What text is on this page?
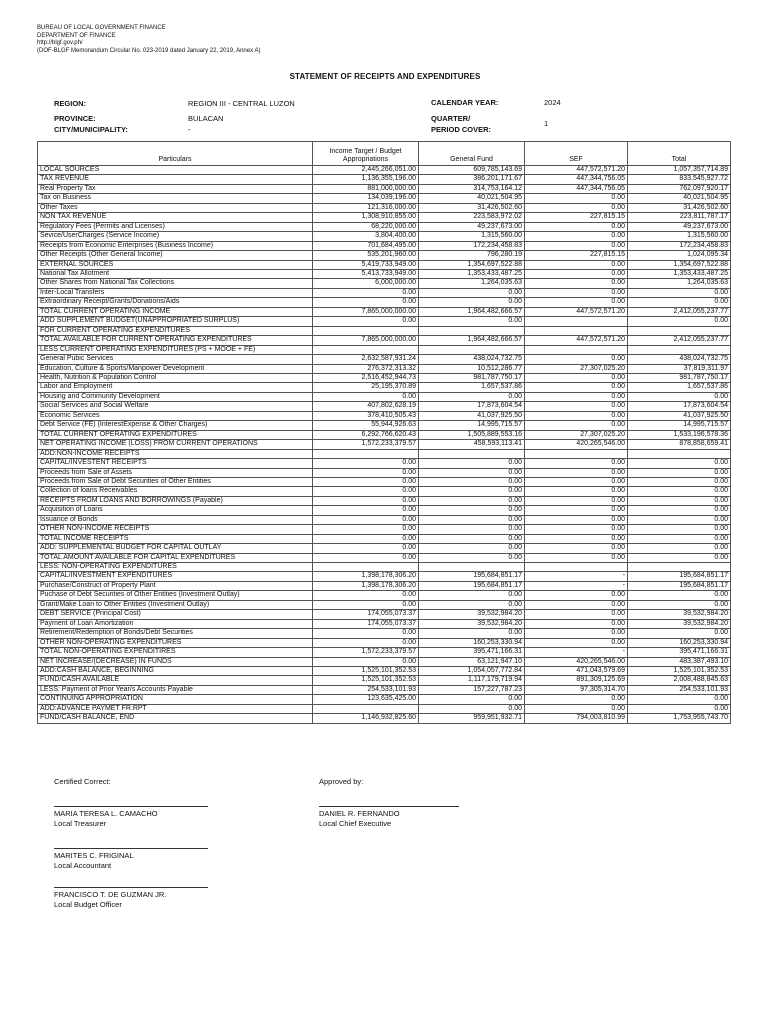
BUREAU OF LOCAL GOVERNMENT FINANCE
DEPARTMENT OF FINANCE
http://blgf.gov.ph/
(DOF-BLGF Memorandum Circular No. 023-2019 dated January 22, 2019, Annex A)
STATEMENT OF RECEIPTS AND EXPENDITURES
REGION:	REGION III - CENTRAL LUZON
PROVINCE:	BULACAN
CITY/MUNICIPALITY:	-
CALENDAR YEAR:	2024
QUARTER/
PERIOD COVER:
1
Particulars	Income Target / Budget Appropriations	General Fund	SEF	Total
LOCAL SOURCES	2,445,266,051.00	609,785,143.69	447,572,571.20	1,057,357,714.89
TAX REVENUE	1,136,355,196.00	386,201,171.67	447,344,756.05	833,545,927.72
Real Property Tax	881,000,000.00	314,753,164.12	447,344,756.05	762,097,920.17
Tax on Business	134,039,196.00	40,021,504.95	0.00	40,021,504.95
Other Taxes	121,316,000.00	31,426,502.60	0.00	31,426,502.60
NON TAX REVENUE	1,308,910,855.00	223,583,972.02	227,815.15	223,811,787.17
Regulatory Fees (Permits and Licenses)	68,220,000.00	49,237,673.00	0.00	49,237,673.00
Sevice/UserCharges (Service Income)	3,804,400.00	1,315,560.00	0.00	1,315,560.00
Receipts from Economic Enterprises (Business Income)	701,684,495.00	172,234,458.83	0.00	172,234,458.83
Other Receipts (Other General Income)	535,201,960.00	796,280.19	227,815.15	1,024,095.34
EXTERNAL SOURCES	5,419,733,949.00	1,354,697,522.88	0.00	1,354,697,522.88
National Tax Allotment	5,413,733,949.00	1,353,433,487.25	0.00	1,353,433,487.25
Other Shares from National Tax Collections	6,000,000.00	1,264,035.63	0.00	1,264,035.63
Inter-Local Transfers	0.00	0.00	0.00	0.00
Extraordinary Receipt/Grants/Donations/Aids	0.00	0.00	0.00	0.00
TOTAL CURRENT OPERATING INCOME	7,865,000,000.00	1,964,482,666.57	447,572,571.20	2,412,055,237.77
ADD SUPPLEMENT BUDGET(UNAPPROPRIATED SURPLUS)	0.00	0.00		0.00
FOR CURRENT OPERATING EXPENDITURES				
TOTAL AVAILABLE FOR CURRENT OPERATING EXPENDITURES	7,865,000,000.00	1,964,482,666.57	447,572,571.20	2,412,055,237.77
LESS CURRENT OPERATING EXPENDITURES (PS + MOOE + FE)				
General Pubic Services	2,632,587,931.24	438,024,732.75	0.00	438,024,732.75
Education, Culture & Sports/Manpower Development	276,372,313.32	10,512,286.77	27,307,025.20	37,819,311.97
Health, Nutrition & Population Control	2,516,452,944.73	981,787,750.17	0.00	981,787,750.17
Labor and Employment	25,195,370.89	1,657,537.86	0.00	1,657,537.86
Housing and Community Development	0.00	0.00	0.00	0.00
Social Services and Social Welfare	407,802,628.19	17,873,604.54	0.00	17,873,604.54
Economic Services	378,410,505.43	41,037,925.50	0.00	41,037,925.50
Debt Service (FE) (InterestExpense & Other Charges)	55,944,926.63	14,995,715.57	0.00	14,995,715.57
TOTAL CURRENT OPERATING EXPENDITURES	6,292,766,620.43	1,505,889,553.16	27,307,025.20	1,533,196,578.36
NET OPERATING INCOME (LOSS) FROM CURRENT OPERATIONS	1,572,233,379.57	458,593,113.41	420,265,546.00	878,858,659.41
ADD:NON-INCOME RECEIPTS				
CAPITAL/INVESTENT RECEIPTS	0.00	0.00	0.00	0.00
Proceeds from Sale of Assets	0.00	0.00	0.00	0.00
Proceeds from Sale of Debt Securities of Other Entities	0.00	0.00	0.00	0.00
Collection of loans Receivables	0.00	0.00	0.00	0.00
RECEIPTS FROM LOANS AND BORROWINGS (Payable)	0.00	0.00	0.00	0.00
Acquisition of Loans	0.00	0.00	0.00	0.00
Issuance of Bonds	0.00	0.00	0.00	0.00
OTHER NON-INCOME RECEIPTS	0.00	0.00	0.00	0.00
TOTAL INCOME RECEIPTS	0.00	0.00	0.00	0.00
ADD: SUPPLEMENTAL BUDGET FOR CAPITAL OUTLAY	0.00	0.00	0.00	0.00
TOTAL AMOUNT AVAILABLE FOR CAPITAL EXPENDITURES	0.00	0.00	0.00	0.00
LESS: NON-OPERATING EXPENDITURES				
CAPITAL/INVESTMENT EXPENDITURES	1,398,178,306.20	195,684,851.17	-	195,684,851.17
Purchase/Construct of Property Plant	1,398,178,306.20	195,684,851.17	-	195,684,851.17
Puchase of Debt Securities of Other Entities (Investment Outlay)	0.00	0.00	0.00	0.00
Grant/Make Loan to Other Entities (Investment Outlay)	0.00	0.00	0.00	0.00
DEBT SERVICE (Principal Cost)	174,055,073.37	39,532,984.20	0.00	39,532,984.20
Payment of Loan Amortization	174,055,073.37	39,532,984.20	0.00	39,532,984.20
Retirement/Redemption of Bonds/Debt Securities	0.00	0.00	0.00	0.00
OTHER NON-OPERATING EXPENDITURES	0.00	160,253,330.94	0.00	160,253,330.94
TOTAL NON-OPERATING EXPENDITIRES	1,572,233,379.57	395,471,166.31	-	395,471,166.31
NET INCREASE/(DECREASE) IN FUNDS	0.00	63,121,947.10	420,265,546.00	483,387,493.10
ADD:CASH BALANCE, BEGINNING	1,525,101,352.53	1,054,057,772.84	471,043,579.69	1,525,101,352.53
FUND/CASH AVAILABLE	1,525,101,352.53	1,117,179,719.94	891,309,125.69	2,008,488,845.63
LESS: Payment of Prior Year/s Accounts Payable	254,533,101.93	157,227,787.23	97,305,314.70	254,533,101.93
CONTINUING APPROPRIATION	123,635,425.00	0.00	0.00	0.00
ADD:ADVANCE PAYMET FR.RPT		0.00	0.00	0.00
FUND/CASH BALANCE, END	1,146,932,825.60	959,951,932.71	794,003,810.99	1,753,955,743.70
Certified Correct:	Approved by:
MARIA TERESA L. CAMACHO
Local Treasurer
DANIEL R. FERNANDO
Local Chief Executive
MARITES C. FRIGINAL
Local Accountant
FRANCISCO T. DE GUZMAN JR.
Local Budget Officer
